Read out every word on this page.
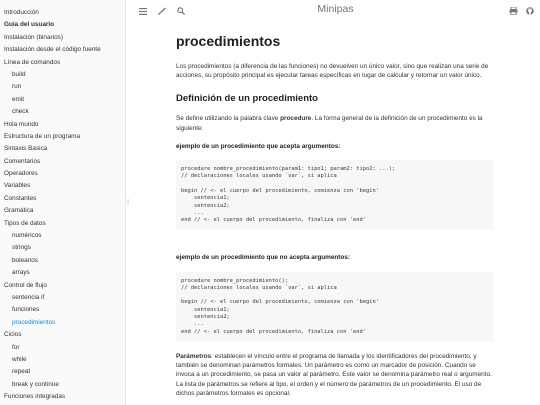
Introducción
Guía del usuario
Instalación (binarios)
Instalación desde el código fuente
Línea de comandos
build
run
emit
check
Hola mundo
Estructura de un programa
Sintaxis Basica
Comentarios
Operadores
Variables
Constantes
Gramática
Tipos de datos
numéricos
strings
boleanos
arrays
Control de flujo
sentencia if
funciones
procedimientos
Ciclos
for
while
repeat
break y continue
Funciones integradas
⁝
Minipas
procedimientos

Los procedimientos (a diferencia de las funciones) no devuelven un único valor, sino que realizan una serie de acciones, su propósito principal es ejecutar tareas específicas en lugar de calcular y retornar un valor único.

Definición de un procedimiento

Se define utilizando la palabra clave procedure. La forma general de la definición de un procedimiento es la siguiente:

ejemplo de un procedimiento que acepta argumentos:

procedure nombre_procedimiento(param1: tipo1; param2: tipo2; ...);
// declaraciones locales usando `var`, si aplica

begin // <- el cuerpo del procedimiento, comienza con 'begin'
sentencia1;
sentencia2;
...
end // <- el cuerpo del procedimiento, finaliza con 'end'

ejemplo de un procedimiento que no acepta argumentos:

procedure nombre_procedimiento();
// declaraciones locales usando `var`, si aplica

begin // <- el cuerpo del procedimiento, comienza con 'begin'
sentencia1;
sentencia2;
...
end // <- el cuerpo del procedimiento, finaliza con 'end'

Parámetros: establecen el vínculo entre el programa de llamada y los identificadores del procedimiento, y también se denominan parámetros formales. Un parámetro es como un marcador de posición. Cuando se invoca a un procedimiento, se pasa un valor al parámetro. Este valor se denomina parámetro real o argumento. La lista de parámetros se refiere al tipo, el orden y el número de parámetros de un procedimiento. El uso de dichos parámetros formales es opcional.
